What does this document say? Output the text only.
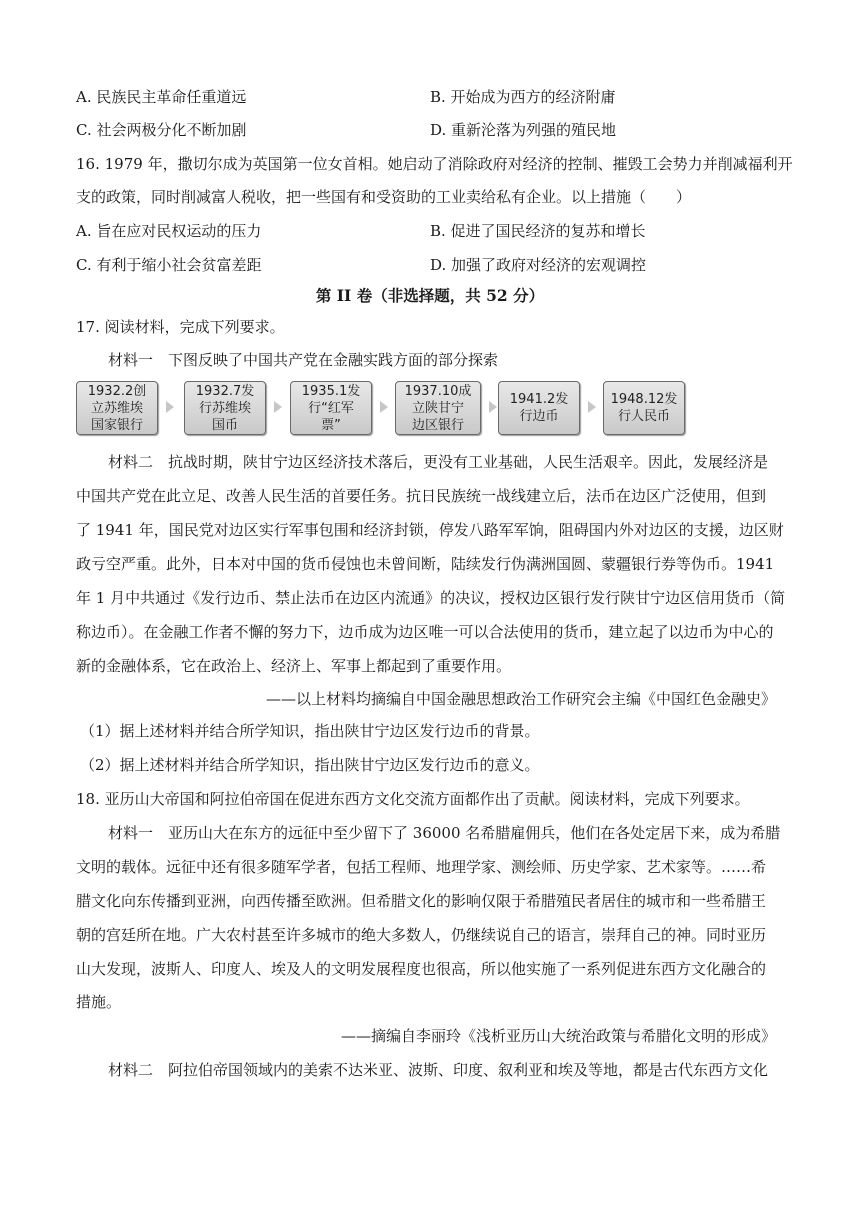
A. 民族民主革命任重道远	B. 开始成为西方的经济附庸
C. 社会两极分化不断加剧	D. 重新沦落为列强的殖民地
16. 1979 年，撒切尔成为英国第一位女首相。她启动了消除政府对经济的控制、摧毁工会势力并削减福利开
支的政策，同时削减富人税收，把一些国有和受资助的工业卖给私有企业。以上措施（　　）
A. 旨在应对民权运动的压力	B. 促进了国民经济的复苏和增长
C. 有利于缩小社会贫富差距	D. 加强了政府对经济的宏观调控
第 II 卷（非选择题，共 52 分）
17. 阅读材料，完成下列要求。
材料一　下图反映了中国共产党在金融实践方面的部分探索
1932.2创
立苏维埃
国家银行
1932.7发
行苏维埃
国币
1935.1发
行“红军
票”
1937.10成
立陕甘宁
边区银行
1941.2发
行边币
1948.12发
行人民币
材料二　抗战时期，陕甘宁边区经济技术落后，更没有工业基础，人民生活艰辛。因此，发展经济是
中国共产党在此立足、改善人民生活的首要任务。抗日民族统一战线建立后，法币在边区广泛使用，但到
了 1941 年，国民党对边区实行军事包围和经济封锁，停发八路军军饷，阻碍国内外对边区的支援，边区财
政亏空严重。此外，日本对中国的货币侵蚀也未曾间断，陆续发行伪满洲国圆、蒙疆银行券等伪币。1941
年 1 月中共通过《发行边币、禁止法币在边区内流通》的决议，授权边区银行发行陕甘宁边区信用货币（简
称边币）。在金融工作者不懈的努力下，边币成为边区唯一可以合法使用的货币，建立起了以边币为中心的
新的金融体系，它在政治上、经济上、军事上都起到了重要作用。
——以上材料均摘编自中国金融思想政治工作研究会主编《中国红色金融史》
（1）据上述材料并结合所学知识，指出陕甘宁边区发行边币的背景。
（2）据上述材料并结合所学知识，指出陕甘宁边区发行边币的意义。
18. 亚历山大帝国和阿拉伯帝国在促进东西方文化交流方面都作出了贡献。阅读材料，完成下列要求。
材料一　亚历山大在东方的远征中至少留下了 36000 名希腊雇佣兵，他们在各处定居下来，成为希腊
文明的载体。远征中还有很多随军学者，包括工程师、地理学家、测绘师、历史学家、艺术家等。……希
腊文化向东传播到亚洲，向西传播至欧洲。但希腊文化的影响仅限于希腊殖民者居住的城市和一些希腊王
朝的宫廷所在地。广大农村甚至许多城市的绝大多数人，仍继续说自己的语言，崇拜自己的神。同时亚历
山大发现，波斯人、印度人、埃及人的文明发展程度也很高，所以他实施了一系列促进东西方文化融合的
措施。
——摘编自李丽玲《浅析亚历山大统治政策与希腊化文明的形成》
材料二　阿拉伯帝国领域内的美索不达米亚、波斯、印度、叙利亚和埃及等地，都是古代东西方文化
